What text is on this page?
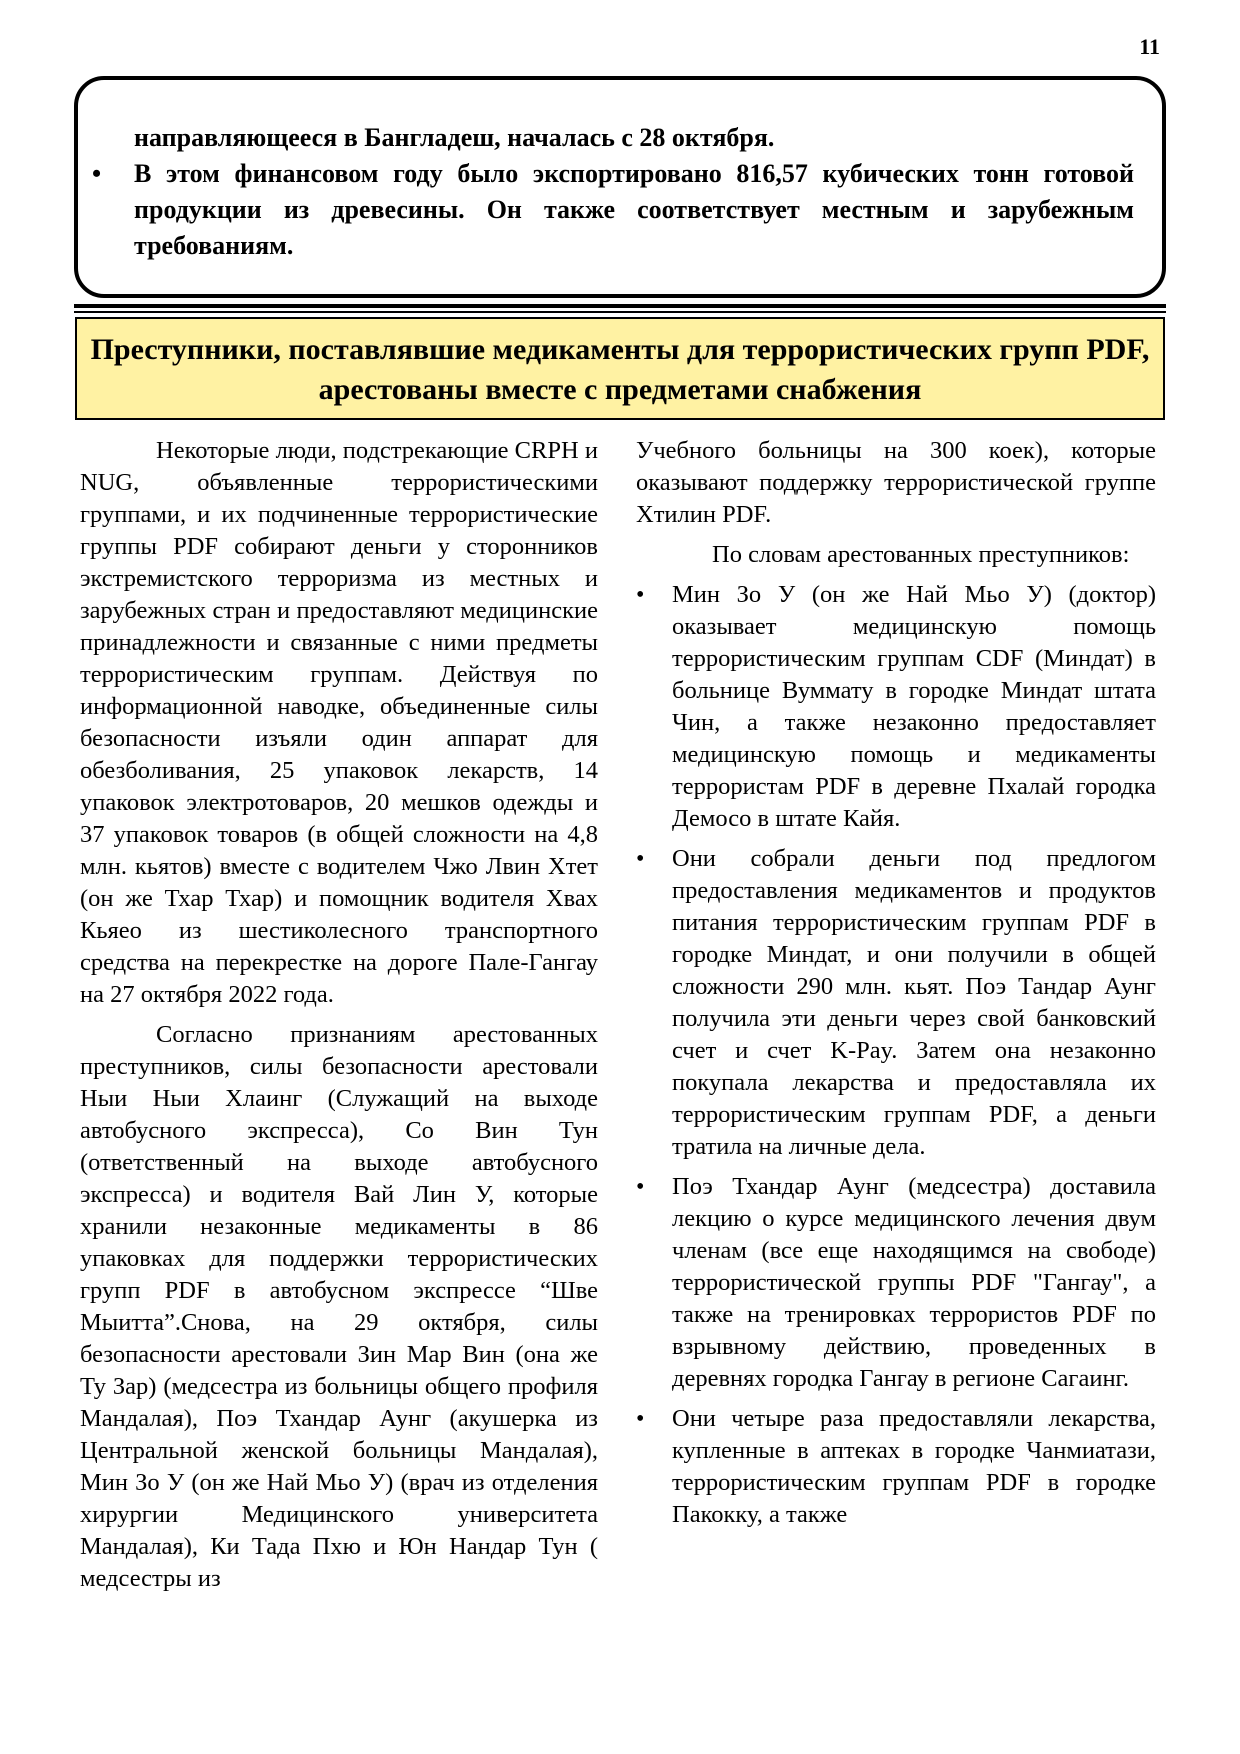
11
направляющееся в Бангладеш, началась с 28 октября.
• В этом финансовом году было экспортировано 816,57 кубических тонн готовой продукции из древесины. Он также соответствует местным и зарубежным требованиям.
Преступники, поставлявшие медикаменты для террористических групп PDF, арестованы вместе с предметами снабжения

Некоторые люди, подстрекающие CRPH и NUG, объявленные террористическими группами, и их подчиненные террористические группы PDF собирают деньги у сторонников экстремистского терроризма из местных и зарубежных стран и предоставляют медицинские принадлежности и связанные с ними предметы террористическим группам. Действуя по информационной наводке, объединенные силы безопасности изъяли один аппарат для обезболивания, 25 упаковок лекарств, 14 упаковок электротоваров, 20 мешков одежды и 37 упаковок товаров (в общей сложности на 4,8 млн. кьятов) вместе с водителем Чжо Лвин Хтет (он же Тхар Тхар) и помощник водителя Хвах Кьяео из шестиколесного транспортного средства на перекрестке на дороге Пале-Гангау на 27 октября 2022 года.

Согласно признаниям арестованных преступников, силы безопасности арестовали Ныи Ныи Хлаинг (Служащий на выходе автобусного экспресса), Со Вин Тун (ответственный на выходе автобусного экспресса) и водителя Вай Лин У, которые хранили незаконные медикаменты в 86 упаковках для поддержки террористических групп PDF в автобусном экспрессе “Шве Мыитта”.Снова, на 29 октября, силы безопасности арестовали Зин Мар Вин (она же Ту Зар) (медсестра из больницы общего профиля Мандалая), Поэ Тхандар Аунг (акушерка из Центральной женской больницы Мандалая), Мин Зо У (он же Най Мьо У) (врач из отделения хирургии Медицинского университета Мандалая), Ки Тада Пхю и Юн Нандар Тун ( медсестры из

Учебного больницы на 300 коек), которые оказывают поддержку террористической группе Хтилин PDF.

По словам арестованных преступников:

• Мин Зо У (он же Най Мьо У) (доктор) оказывает медицинскую помощь террористическим группам CDF (Миндат) в больнице Вуммату в городке Миндат штата Чин, а также незаконно предоставляет медицинскую помощь и медикаменты террористам PDF в деревне Пхалай городка Демосо в штате Кайя.
• Они собрали деньги под предлогом предоставления медикаментов и продуктов питания террористическим группам PDF в городке Миндат, и они получили в общей сложности 290 млн. кьят. Поэ Тандар Аунг получила эти деньги через свой банковский счет и счет K-Pay. Затем она незаконно покупала лекарства и предоставляла их террористическим группам PDF, а деньги тратила на личные дела.
• Поэ Тхандар Аунг (медсестра) доставила лекцию о курсе медицинского лечения двум членам (все еще находящимся на свободе) террористической группы PDF "Гангау", а также на тренировках террористов PDF по взрывному действию, проведенных в деревнях городка Гангау в регионе Сагаинг.
• Они четыре раза предоставляли лекарства, купленные в аптеках в городке Чанмиатази, террористическим группам PDF в городке Пакокку, а также
